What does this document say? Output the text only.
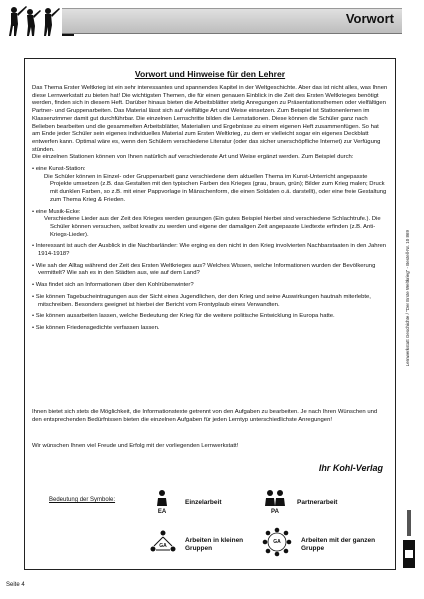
Vorwort
Vorwort und Hinweise für den Lehrer

Das Thema Erster Weltkrieg ist ein sehr interessantes und spannendes Kapitel in der Weltgeschichte. Aber das ist nicht alles, was Ihnen diese Lernwerkstatt zu bieten hat! Die wichtigsten Themen, die für einen genauen Einblick in die Zeit des Ersten Weltkrieges benötigt werden, finden sich in diesem Heft. Darüber hinaus bieten die Arbeitsblätter stetig Anregungen zu Präsentationsthemen oder vielfältigen Partner- und Gruppenarbeiten. Das Material lässt sich auf vielfältige Art und Weise einsetzen. Zum Beispiel ist Stationenlernen im Klassenzimmer damit gut durchführbar. Die einzelnen Lernschritte bilden die Lernstationen. Diese können die Schüler ganz nach Belieben bearbeiten und die gesammelten Arbeitsblätter, Materialien und Ergebnisse zu einem eigenen Heft zusammenfügen. So hat am Ende jeder Schüler sein eigenes individuelles Material zum Ersten Weltkrieg, zu dem er vielleicht sogar ein eigenes Deckblatt entwerfen kann. Optimal wäre es, wenn den Schülern verschiedene Literatur (oder das sicher unerschöpfliche Internet) zur Verfügung stünden.

Die einzelnen Stationen können von Ihnen natürlich auf verschiedenste Art und Weise ergänzt werden. Zum Beispiel durch:

• eine Kunst-Station:
Die Schüler können in Einzel- oder Gruppenarbeit ganz verschiedene dem aktuellen Thema im Kunst-Unterricht angepasste Projekte umsetzen (z.B. das Gestalten mit den typischen Farben des Krieges (grau, braun, grün); Bilder zum Krieg malen; Druck mit dunklen Farben, so z.B. mit einer Pappvorlage in Mänschenform, die einen Soldaten o.ä. darstellt), oder eine freie Gestaltung zum Thema Krieg & Frieden.
• eine Musik-Ecke:
Verschiedene Lieder aus der Zeit des Krieges werden gesungen (Ein gutes Beispiel hierbei sind verschiedene Schlachtrufe.). Die Schüler können versuchen, selbst kreativ zu werden und eigene der damaligen Zeit angepasste Liedtexte erfinden (z.B. Anti-Kriegs-Lieder).
• Interessant ist auch der Ausblick in die Nachbarländer: Wie erging es den nicht in den Krieg involvierten Nachbarstaaten in den Jahren 1914-1918?
• Wie sah der Alltag während der Zeit des Ersten Weltkrieges aus? Welches Wissen, welche Informationen wurden der Bevölkerung vermittelt? Wie sah es in den Städten aus, wie auf dem Land?
• Was findet sich an Informationen über den Kohlrübenwinter?
• Sie können Tagebucheintragungen aus der Sicht eines Jugendlichen, der den Krieg und seine Auswirkungen hautnah miterlebte, mitschreiben. Besonders geeignet ist hierbei der Bericht vom Frontурlaub eines Verwandten.
• Sie können ausarbeiten lassen, welche Bedeutung der Krieg für die weitere politische Entwicklung in Europa hatte.
• Sie können Friedensgedichte verfassen lassen.
Ihnen bietet sich stets die Möglichkeit, die Informationstexte getrennt von den Aufgaben zu bearbeiten. Je nach Ihren Wünschen und den entsprechenden Bedürfnissen bieten die einzelnen Aufgaben für jeden Lerntyp unterschiedlichste Anregungen!
Wir wünschen Ihnen viel Freude und Erfolg mit der vorliegenden Lernwerkstatt!
Ihr Kohl-Verlag
Bedeutung der Symbole:
EA
Einzelarbeit
PA
Partnerarbeit
GA
Arbeiten in kleinen Gruppen
GA	Arbeiten mit der ganzen Gruppe
Lernwerkstatt Geschichte / "Der Erste Weltkrieg" - Bestell-Nr. 10 869
Seite 4
